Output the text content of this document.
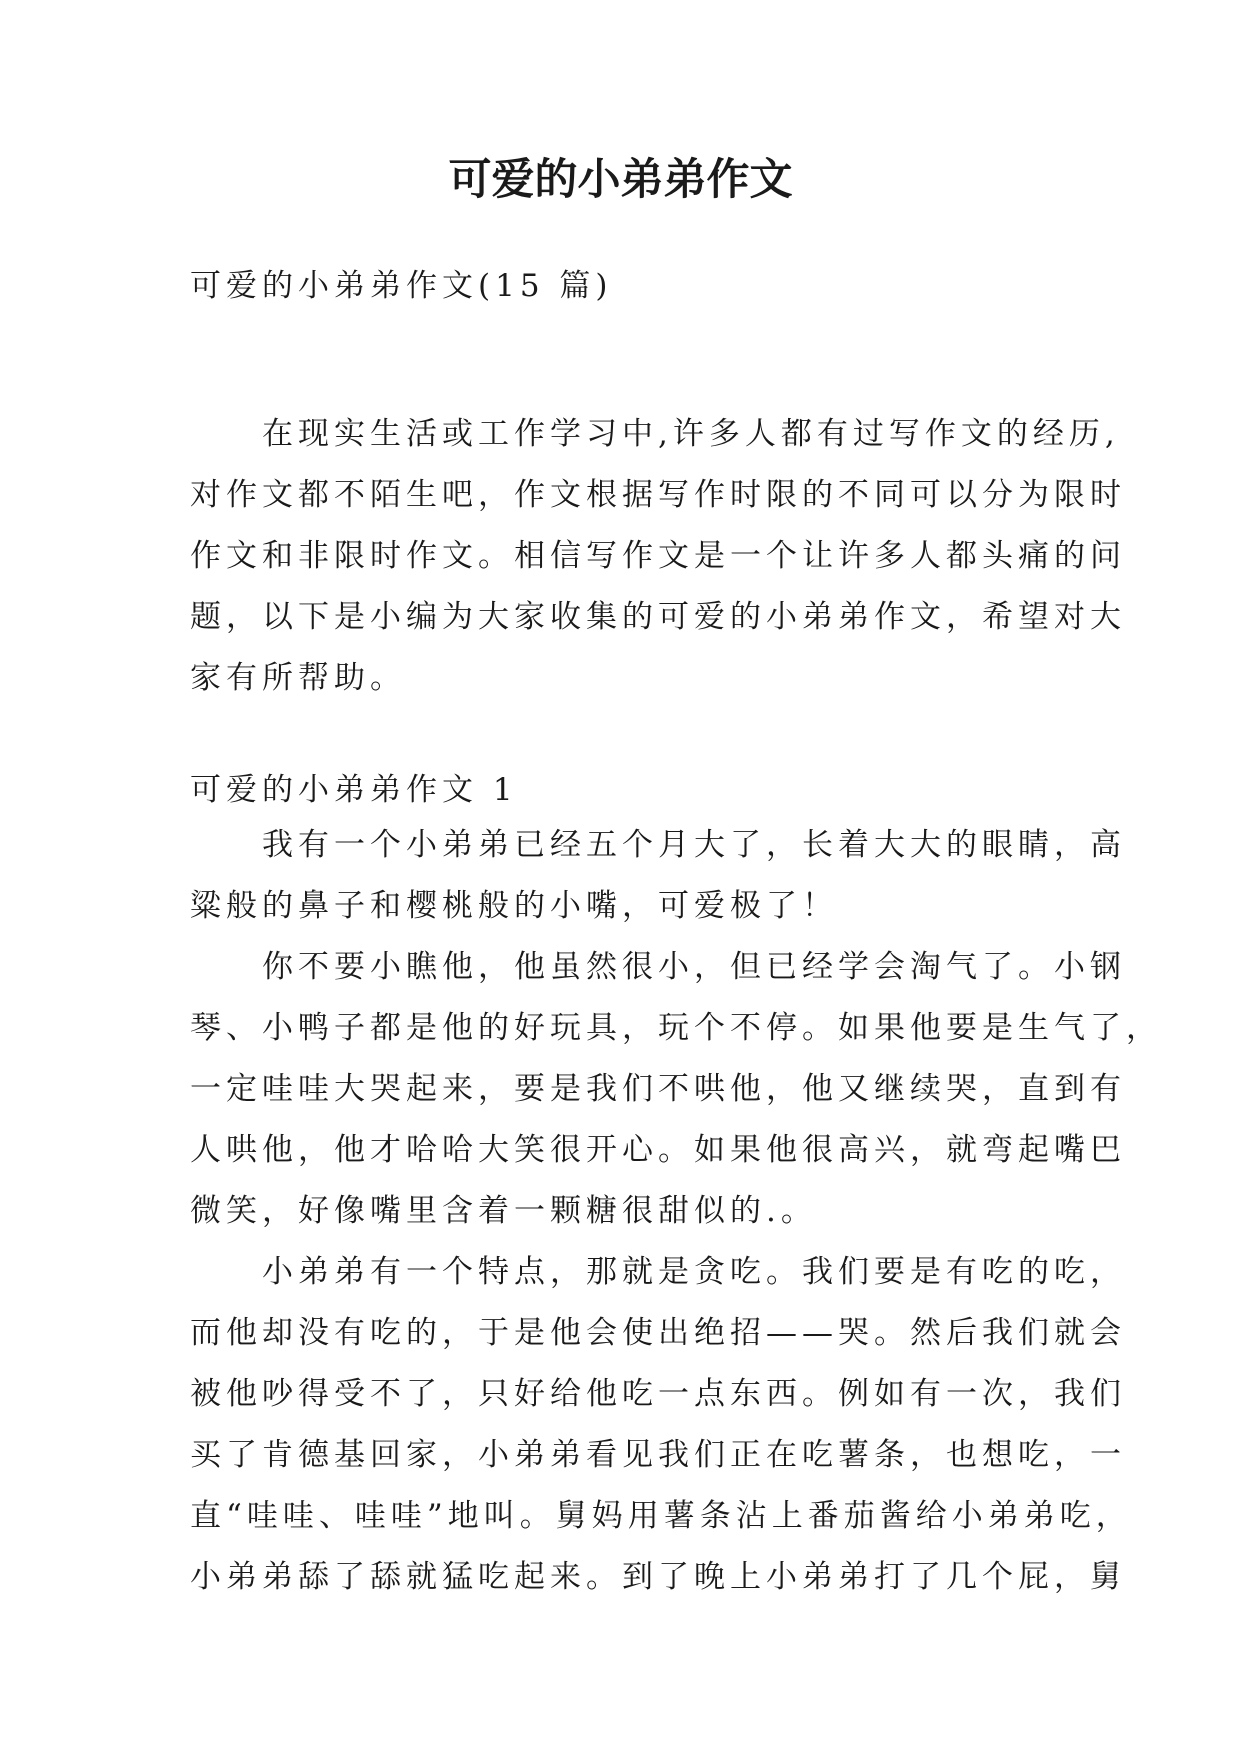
可爱的小弟弟作文

可爱的小弟弟作文(15 篇)

　　在现实生活或工作学习中,许多人都有过写作文的经历,
对作文都不陌生吧，作文根据写作时限的不同可以分为限时
作文和非限时作文。相信写作文是一个让许多人都头痛的问
题，以下是小编为大家收集的可爱的小弟弟作文，希望对大
家有所帮助。

可爱的小弟弟作文 1

　　我有一个小弟弟已经五个月大了，长着大大的眼睛，高
粱般的鼻子和樱桃般的小嘴，可爱极了！
　　你不要小瞧他，他虽然很小，但已经学会淘气了。小钢
琴、小鸭子都是他的好玩具，玩个不停。如果他要是生气了，
一定哇哇大哭起来，要是我们不哄他，他又继续哭，直到有
人哄他，他才哈哈大笑很开心。如果他很高兴，就弯起嘴巴
微笑，好像嘴里含着一颗糖很甜似的.。
　　小弟弟有一个特点，那就是贪吃。我们要是有吃的吃，
而他却没有吃的，于是他会使出绝招——哭。然后我们就会
被他吵得受不了，只好给他吃一点东西。例如有一次，我们
买了肯德基回家，小弟弟看见我们正在吃薯条，也想吃，一
直“哇哇、哇哇”地叫。舅妈用薯条沾上番茄酱给小弟弟吃，
小弟弟舔了舔就猛吃起来。到了晚上小弟弟打了几个屁，舅
